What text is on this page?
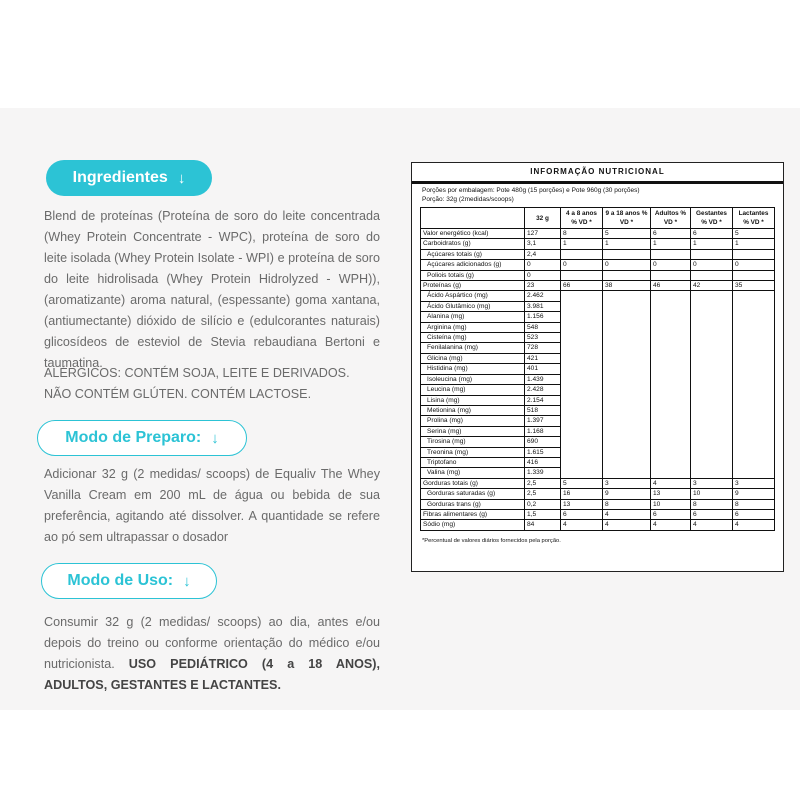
Ingredientes ↓

Blend de proteínas (Proteína de soro do leite concentrada (Whey Protein Concentrate - WPC), proteína de soro do leite isolada (Whey Protein Isolate - WPI) e proteína de soro do leite hidrolisada (Whey Protein Hidrolyzed - WPH)), (aromatizante) aroma natural, (espessante) goma xantana, (antiumectante) dióxido de silício e (edulcorantes naturais) glicosídeos de esteviol de Stevia rebaudiana Bertoni e taumatina.

ALÉRGICOS: CONTÉM SOJA, LEITE E DERIVADOS. NÃO CONTÉM GLÚTEN. CONTÉM LACTOSE.

Modo de Preparo: ↓

Adicionar 32 g (2 medidas/ scoops) de Equaliv The Whey Vanilla Cream em 200 mL de água ou bebida de sua preferência, agitando até dissolver. A quantidade se refere ao pó sem ultrapassar o dosador

Modo de Uso: ↓

Consumir 32 g (2 medidas/ scoops) ao dia, antes e/ou depois do treino ou conforme orientação do médico e/ou nutricionista. USO PEDIÁTRICO (4 a 18 ANOS), ADULTOS, GESTANTES E LACTANTES.

INFORMAÇÃO NUTRICIONAL
Porções por embalagem: Pote 480g (15 porções) e Pote 960g (30 porções)
Porção: 32g (2medidas/scoops)
	32 g	4 a 8 anos % VD *	9 a 18 anos % VD *	Adultos % VD *	Gestantes % VD *	Lactantes % VD *
Valor energético (kcal)	127	8	5	6	6	5
Carboidratos (g)	3,1	1	1	1	1	1
Açúcares totais (g)	2,4					
Açúcares adicionados (g)	0	0	0	0	0	0
Poliois totais (g)	0					
Proteínas (g)	23	66	38	46	42	35
Ácido Aspártico (mg)	2.462					
Ácido Glutâmico (mg)	3.981					
Alanina (mg)	1.156					
Arginina (mg)	548					
Cisteína (mg)	523					
Fenilalanina (mg)	728					
Glicina (mg)	421					
Histidina (mg)	401					
Isoleucina (mg)	1.439					
Leucina (mg)	2.428					
Lisina (mg)	2.154					
Metionina (mg)	518					
Prolina (mg)	1.397					
Serina (mg)	1.168					
Tirosina (mg)	690					
Treonina (mg)	1.615					
Triptofano	416					
Valina (mg)	1.339					
Gorduras totais (g)	2,5	5	3	4	3	3
Gorduras saturadas (g)	2,5	16	9	13	10	9
Gorduras trans (g)	0,2	13	8	10	8	8
Fibras alimentares (g)	1,5	6	4	6	6	6
Sódio (mg)	84	4	4	4	4	4
*Percentual de valores diários fornecidos pela porção.
